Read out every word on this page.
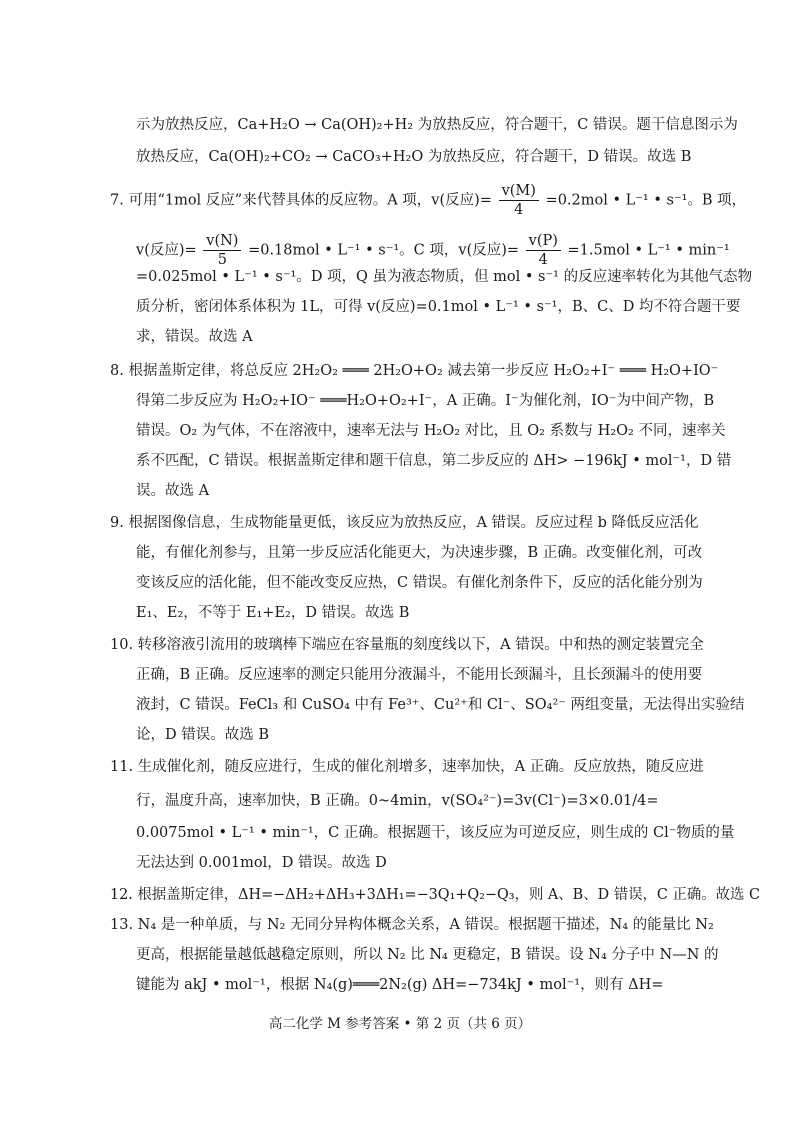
示为放热反应，Ca+H₂O → Ca(OH)₂+H₂ 为放热反应，符合题干，C 错误。题干信息图示为
放热反应，Ca(OH)₂+CO₂ → CaCO₃+H₂O 为放热反应，符合题干，D 错误。故选 B
7. 可用“1mol 反应”来代替具体的反应物。A 项，v(反应)= $\frac{v(M)}{4} =0.2mol$ • L⁻¹ • s⁻¹。B 项，
v(反应)= $\frac{v(N)}{5} =0.18mol$ • L⁻¹ • s⁻¹。C 项，v(反应)= $\frac{v(P)}{4} =1.5mol$ • L⁻¹ • min⁻¹
=0.025mol • L⁻¹ • s⁻¹。D 项，Q 虽为液态物质，但 mol • s⁻¹ 的反应速率转化为其他气态物
质分析，密闭体系体积为 1L，可得 v(反应)=0.1mol • L⁻¹ • s⁻¹，B、C、D 均不符合题干要
求，错误。故选 A
8. 根据盖斯定律，将总反应 2H₂O₂ ═══ 2H₂O+O₂ 减去第一步反应 H₂O₂+I⁻ ═══ H₂O+IO⁻
得第二步反应为 H₂O₂+IO⁻ ═══H₂O+O₂+I⁻，A 正确。I⁻为催化剂，IO⁻为中间产物，B
错误。O₂ 为气体，不在溶液中，速率无法与 H₂O₂ 对比，且 O₂ 系数与 H₂O₂ 不同，速率关
系不匹配，C 错误。根据盖斯定律和题干信息，第二步反应的 ΔH> −196kJ • mol⁻¹，D 错
误。故选 A
9. 根据图像信息，生成物能量更低，该反应为放热反应，A 错误。反应过程 b 降低反应活化
能，有催化剂参与，且第一步反应活化能更大，为决速步骤，B 正确。改变催化剂，可改
变该反应的活化能，但不能改变反应热，C 错误。有催化剂条件下，反应的活化能分别为
E₁、E₂，不等于 E₁+E₂，D 错误。故选 B
10. 转移溶液引流用的玻璃棒下端应在容量瓶的刻度线以下，A 错误。中和热的测定装置完全
正确，B 正确。反应速率的测定只能用分液漏斗，不能用长颈漏斗，且长颈漏斗的使用要
液封，C 错误。FeCl₃ 和 CuSO₄ 中有 Fe³⁺、Cu²⁺和 Cl⁻、SO₄²⁻ 两组变量，无法得出实验结
论，D 错误。故选 B
11. 生成催化剂，随反应进行，生成的催化剂增多，速率加快，A 正确。反应放热，随反应进
行，温度升高，速率加快，B 正确。0~4min，v(SO₄²⁻)=3v(Cl⁻)=3×0.01/4=
0.0075mol • L⁻¹ • min⁻¹，C 正确。根据题干，该反应为可逆反应，则生成的 Cl⁻物质的量
无法达到 0.001mol，D 错误。故选 D
12. 根据盖斯定律，ΔH=−ΔH₂+ΔH₃+3ΔH₁=−3Q₁+Q₂−Q₃，则 A、B、D 错误，C 正确。故选 C
13. N₄ 是一种单质，与 N₂ 无同分异构体概念关系，A 错误。根据题干描述，N₄ 的能量比 N₂
更高，根据能量越低越稳定原则，所以 N₂ 比 N₄ 更稳定，B 错误。设 N₄ 分子中 N—N 的
键能为 akJ • mol⁻¹，根据 N₄(g)═══2N₂(g) ΔH=−734kJ • mol⁻¹，则有 ΔH=
高二化学 M 参考答案 • 第 2 页（共 6 页）
